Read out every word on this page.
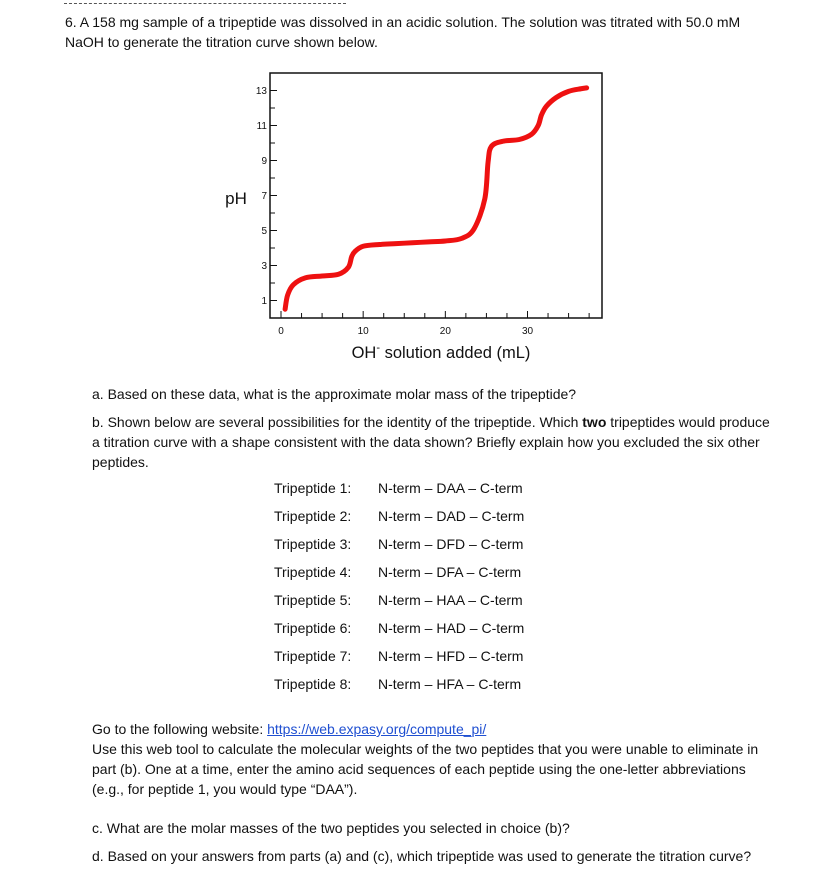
6. A 158 mg sample of a tripeptide was dissolved in an acidic solution. The solution was titrated with 50.0 mM NaOH to generate the titration curve shown below.
1
3
5
7
9
11
13
0	10	20	30
pH
OH- solution added (mL)
a. Based on these data, what is the approximate molar mass of the tripeptide?
b. Shown below are several possibilities for the identity of the tripeptide. Which two tripeptides would produce a titration curve with a shape consistent with the data shown? Briefly explain how you excluded the six other peptides.
Tripeptide 1: N-term – DAA – C-term
Tripeptide 2: N-term – DAD – C-term
Tripeptide 3: N-term – DFD – C-term
Tripeptide 4: N-term – DFA – C-term
Tripeptide 5: N-term – HAA – C-term
Tripeptide 6: N-term – HAD – C-term
Tripeptide 7: N-term – HFD – C-term
Tripeptide 8: N-term – HFA – C-term
Go to the following website: https://web.expasy.org/compute_pi/
Use this web tool to calculate the molecular weights of the two peptides that you were unable to eliminate in part (b). One at a time, enter the amino acid sequences of each peptide using the one-letter abbreviations (e.g., for peptide 1, you would type “DAA”).
c. What are the molar masses of the two peptides you selected in choice (b)?
d. Based on your answers from parts (a) and (c), which tripeptide was used to generate the titration curve?
